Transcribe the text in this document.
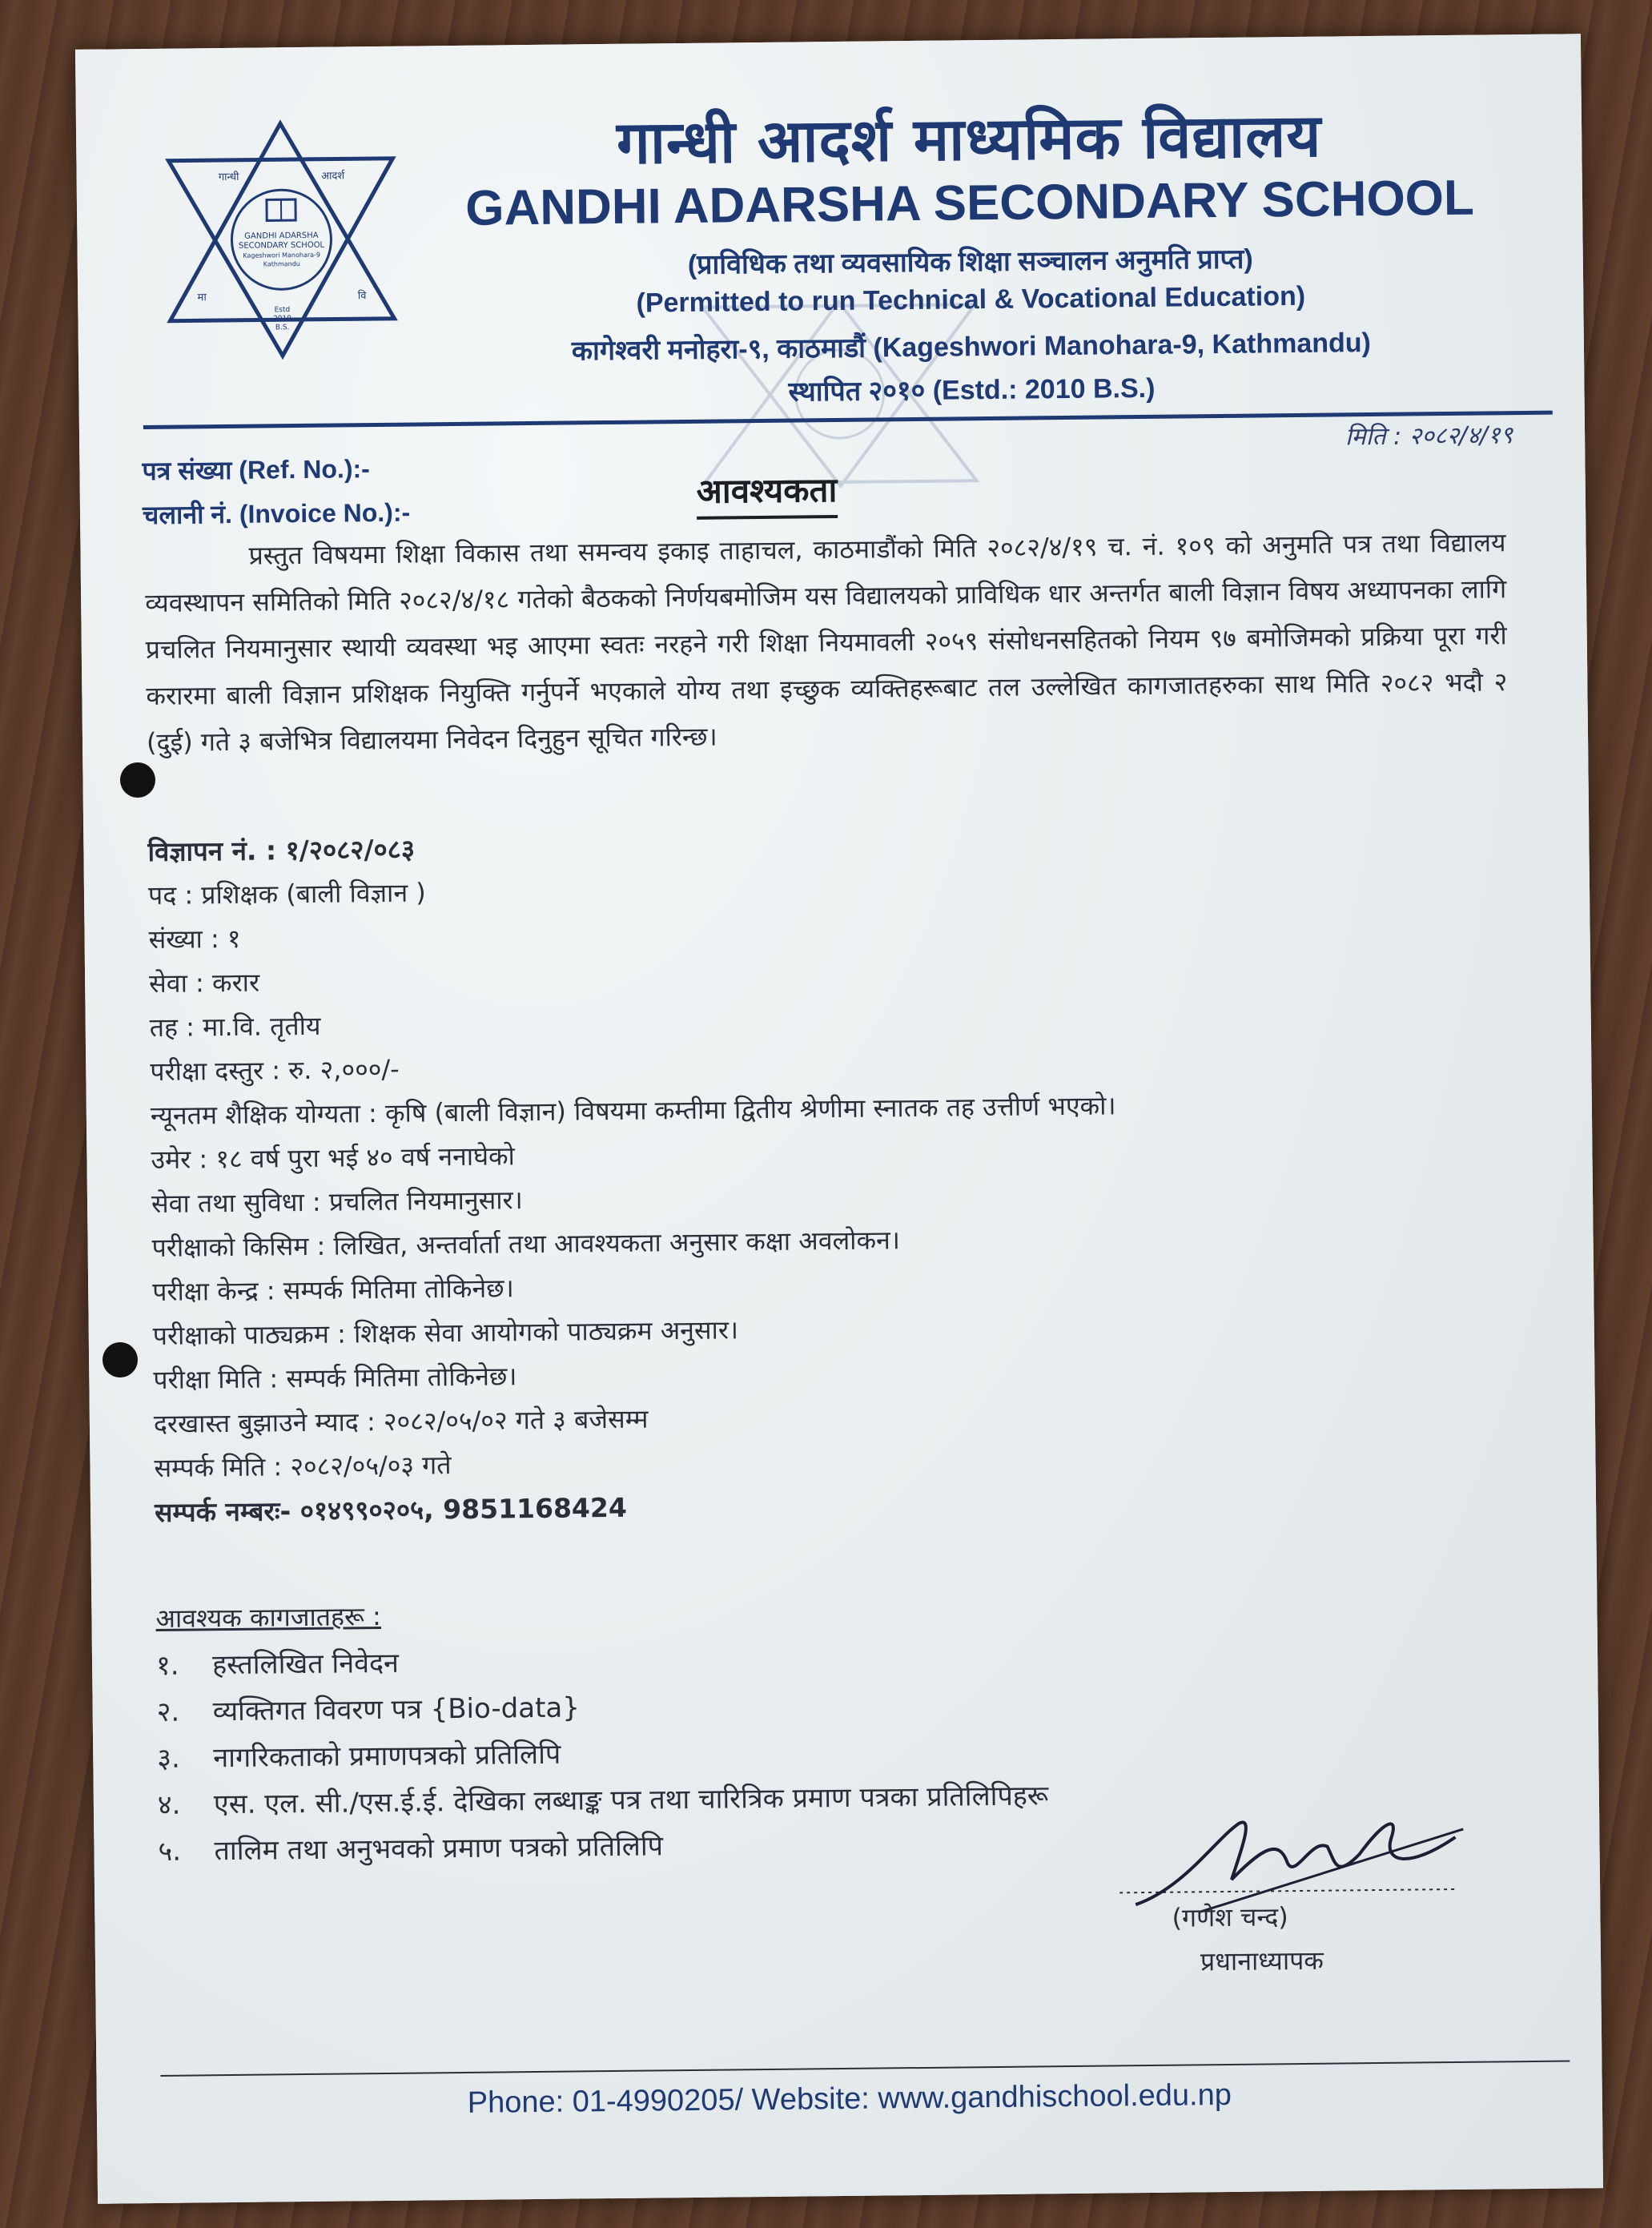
गान्धी	आदर्श
GANDHI ADARSHA
SECONDARY SCHOOL
Kageshwori Manohara-9
Kathmandu
मा	वि
Estd
2010
B.S.
गान्धी आदर्श माध्यमिक विद्यालय
GANDHI ADARSHA SECONDARY SCHOOL
(प्राविधिक तथा व्यवसायिक शिक्षा सञ्चालन अनुमति प्राप्त)
(Permitted to run Technical & Vocational Education)
कागेश्वरी मनोहरा-९, काठमाडौं (Kageshwori Manohara-9, Kathmandu)
स्थापित २०१० (Estd.: 2010 B.S.)
पत्र संख्या (Ref. No.):-
चलानी नं. (Invoice No.):-
मिति : २०८२/४/१९
आवश्यकता
प्रस्तुत विषयमा शिक्षा विकास तथा समन्वय इकाइ ताहाचल, काठमाडौंको मिति २०८२/४/१९ च. नं. १०९ को अनुमति पत्र तथा विद्यालय व्यवस्थापन समितिको मिति २०८२/४/१८ गतेको बैठकको निर्णयबमोजिम यस विद्यालयको प्राविधिक धार अन्तर्गत बाली विज्ञान विषय अध्यापनका लागि प्रचलित नियमानुसार स्थायी व्यवस्था भइ आएमा स्वतः नरहने गरी शिक्षा नियमावली २०५९ संसोधनसहितको नियम ९७ बमोजिमको प्रक्रिया पूरा गरी करारमा बाली विज्ञान प्रशिक्षक नियुक्ति गर्नुपर्ने भएकाले योग्य तथा इच्छुक व्यक्तिहरूबाट तल उल्लेखित कागजातहरुका साथ मिति २०८२ भदौ २ (दुई) गते ३ बजेभित्र विद्यालयमा निवेदन दिनुहुन सूचित गरिन्छ।
विज्ञापन नं. : १/२०८२/०८३
पद : प्रशिक्षक (बाली विज्ञान )
संख्या : १
सेवा : करार
तह : मा.वि. तृतीय
परीक्षा दस्तुर : रु. २,०००/-
न्यूनतम शैक्षिक योग्यता : कृषि (बाली विज्ञान) विषयमा कम्तीमा द्वितीय श्रेणीमा स्नातक तह उत्तीर्ण भएको।
उमेर : १८ वर्ष पुरा भई ४० वर्ष ननाघेको
सेवा तथा सुविधा : प्रचलित नियमानुसार।
परीक्षाको किसिम : लिखित, अन्तर्वार्ता तथा आवश्यकता अनुसार कक्षा अवलोकन।
परीक्षा केन्द्र : सम्पर्क मितिमा तोकिनेछ।
परीक्षाको पाठ्यक्रम : शिक्षक सेवा आयोगको पाठ्यक्रम अनुसार।
परीक्षा मिति : सम्पर्क मितिमा तोकिनेछ।
दरखास्त बुझाउने म्याद : २०८२/०५/०२ गते ३ बजेसम्म
सम्पर्क मिति : २०८२/०५/०३ गते
सम्पर्क नम्बरः- ०१४९९०२०५, 9851168424
आवश्यक कागजातहरू :
१. हस्तलिखित निवेदन
२. व्यक्तिगत विवरण पत्र {Bio-data}
३. नागरिकताको प्रमाणपत्रको प्रतिलिपि
४. एस. एल. सी./एस.ई.ई. देखिका लब्धाङ्क पत्र तथा चारित्रिक प्रमाण पत्रका प्रतिलिपिहरू
५. तालिम तथा अनुभवको प्रमाण पत्रको प्रतिलिपि
(गणेश चन्द)
प्रधानाध्यापक
Phone: 01-4990205/ Website: www.gandhischool.edu.np
